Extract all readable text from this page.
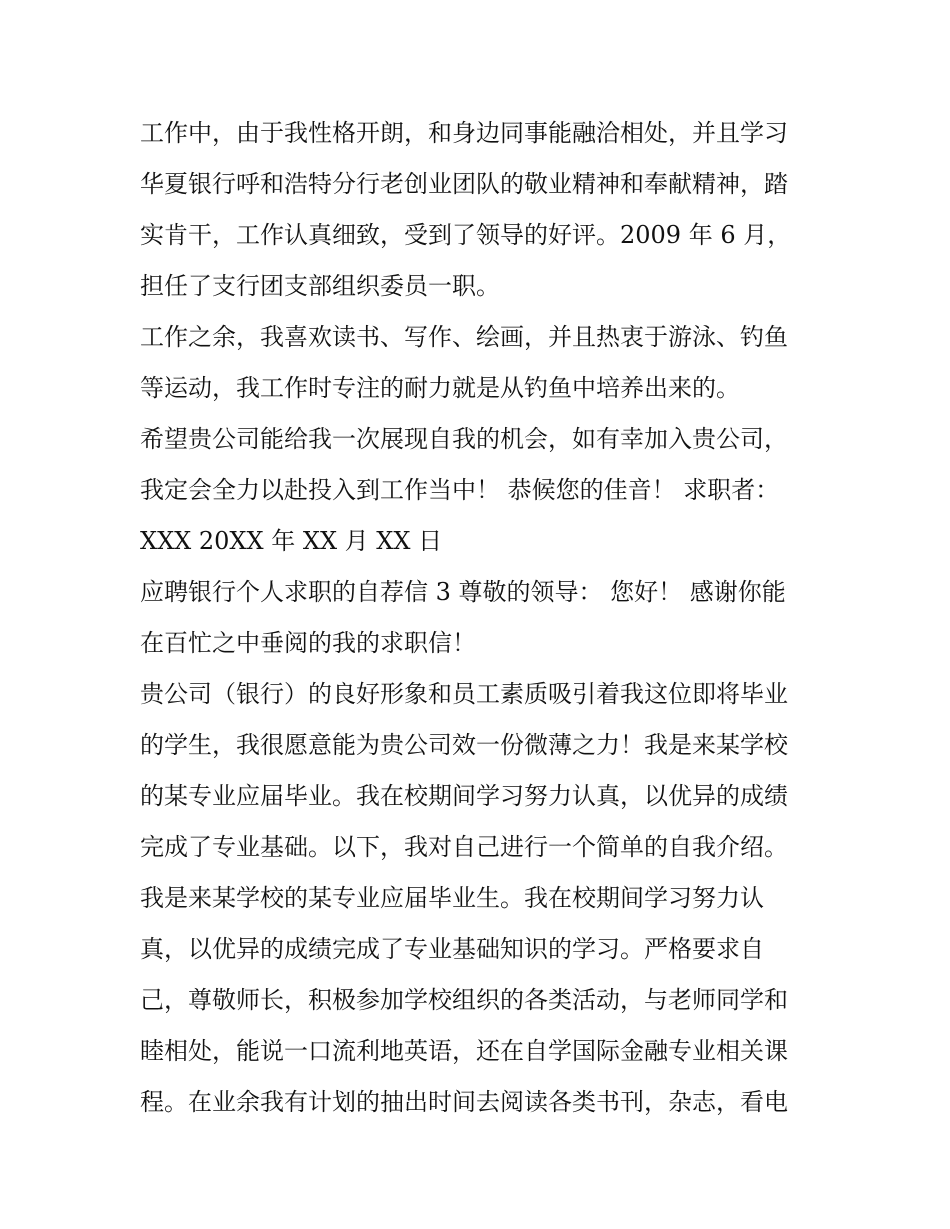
工作中，由于我性格开朗，和身边同事能融洽相处，并且学习
华夏银行呼和浩特分行老创业团队的敬业精神和奉献精神，踏
实肯干，工作认真细致，受到了领导的好评。2009 年 6 月，
担任了支行团支部组织委员一职。
工作之余，我喜欢读书、写作、绘画，并且热衷于游泳、钓鱼
等运动，我工作时专注的耐力就是从钓鱼中培养出来的。
希望贵公司能给我一次展现自我的机会，如有幸加入贵公司，
我定会全力以赴投入到工作当中！ 恭候您的佳音！ 求职者：
XXX 20XX 年 XX 月 XX 日
应聘银行个人求职的自荐信 3 尊敬的领导： 您好！ 感谢你能
在百忙之中垂阅的我的求职信！
贵公司（银行）的良好形象和员工素质吸引着我这位即将毕业
的学生，我很愿意能为贵公司效一份微薄之力！我是来某学校
的某专业应届毕业。我在校期间学习努力认真，以优异的成绩
完成了专业基础。以下，我对自己进行一个简单的自我介绍。
我是来某学校的某专业应届毕业生。我在校期间学习努力认
真，以优异的成绩完成了专业基础知识的学习。严格要求自
己，尊敬师长，积极参加学校组织的各类活动，与老师同学和
睦相处，能说一口流利地英语，还在自学国际金融专业相关课
程。在业余我有计划的抽出时间去阅读各类书刊，杂志，看电
